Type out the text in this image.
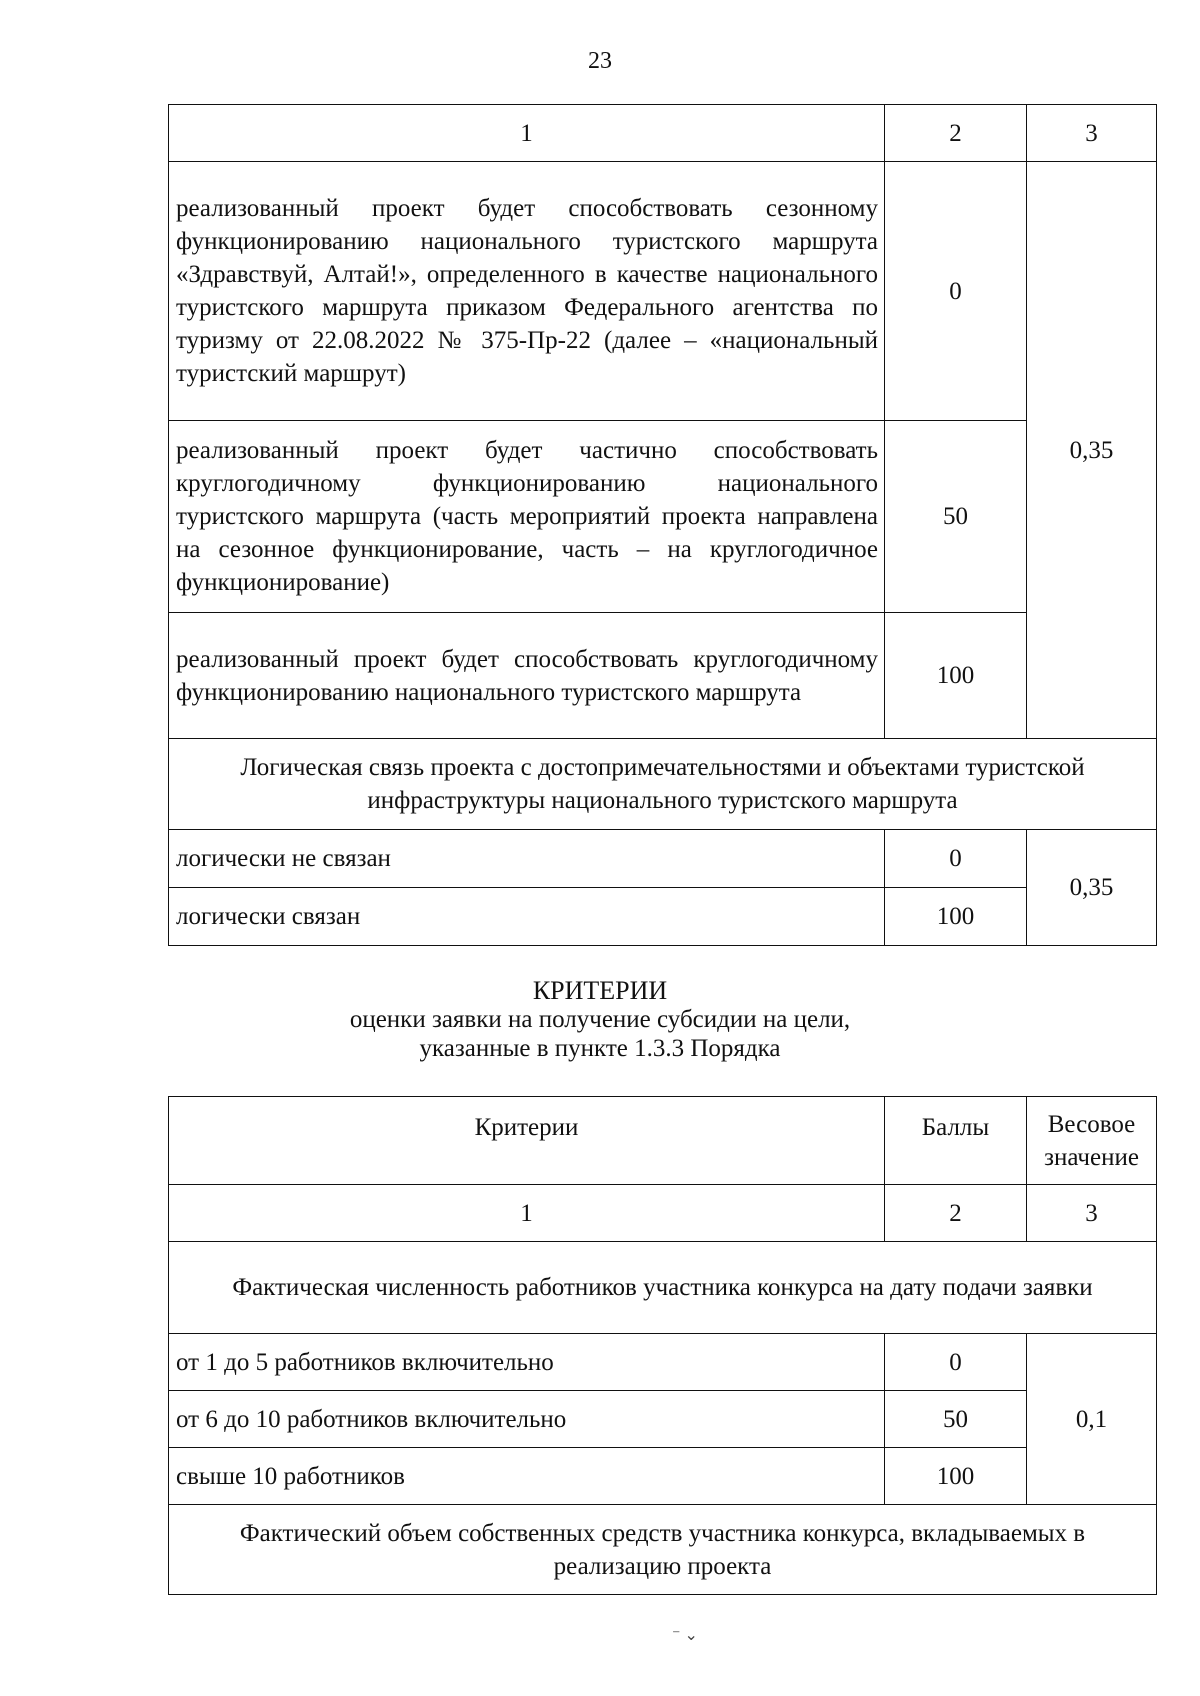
23
1	2	3
реализованный проект будет способствовать сезонному функционированию национального туристского маршрута «Здравствуй, Алтай!», определенного в качестве национального туристского маршрута приказом Федерального агентства по туризму от 22.08.2022 № 375-Пр-22 (далее – «национальный туристский маршрут)	0	0,35
реализованный проект будет частично способствовать круглогодичному функционированию национального туристского маршрута (часть мероприятий проекта направлена на сезонное функционирование, часть – на круглогодичное функционирование)	50	
реализованный проект будет способствовать круглогодичному функционированию национального туристского маршрута	100	
Логическая связь проекта с достопримечательностями и объектами туристской инфраструктуры национального туристского маршрута		
логически не связан	0	0,35
логически связан	100	
КРИТЕРИИ
оценки заявки на получение субсидии на цели,
указанные в пункте 1.3.3 Порядка
Критерии	Баллы	Весовое значение
1	2	3
Фактическая численность работников участника конкурса на дату подачи заявки		
от 1 до 5 работников включительно	0	0,1
от 6 до 10 работников включительно	50	
свыше 10 работников	100	
Фактический объем собственных средств участника конкурса, вкладываемых в реализацию проекта		
⁻ ⌄
